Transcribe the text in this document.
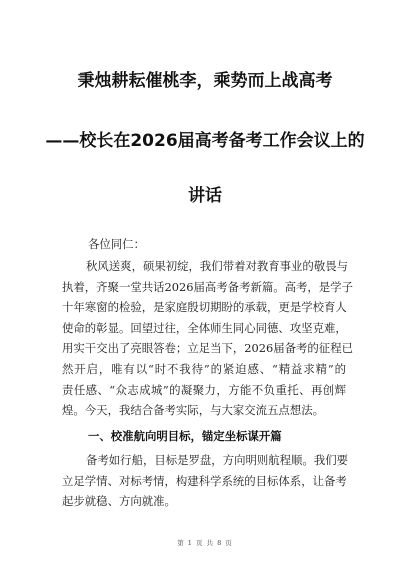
秉烛耕耘催桃李，乘势而上战高考
——校长在2026届高考备考工作会议上的
讲话
各位同仁：
秋风送爽，硕果初绽，我们带着对教育事业的敬畏与
执着，齐聚一堂共话2026届高考备考新篇。高考，是学子
十年寒窗的检验，是家庭殷切期盼的承载，更是学校育人
使命的彰显。回望过往，全体师生同心同德、攻坚克难，
用实干交出了亮眼答卷；立足当下，2026届备考的征程已
然开启，唯有以“时不我待”的紧迫感、“精益求精”的
责任感、“众志成城”的凝聚力，方能不负重托、再创辉
煌。今天，我结合备考实际，与大家交流五点想法。
一、校准航向明目标，锚定坐标谋开篇
备考如行船，目标是罗盘，方向明则航程顺。我们要
立足学情、对标考情，构建科学系统的目标体系，让备考
起步就稳、方向就准。
第 1 页 共 8 页
